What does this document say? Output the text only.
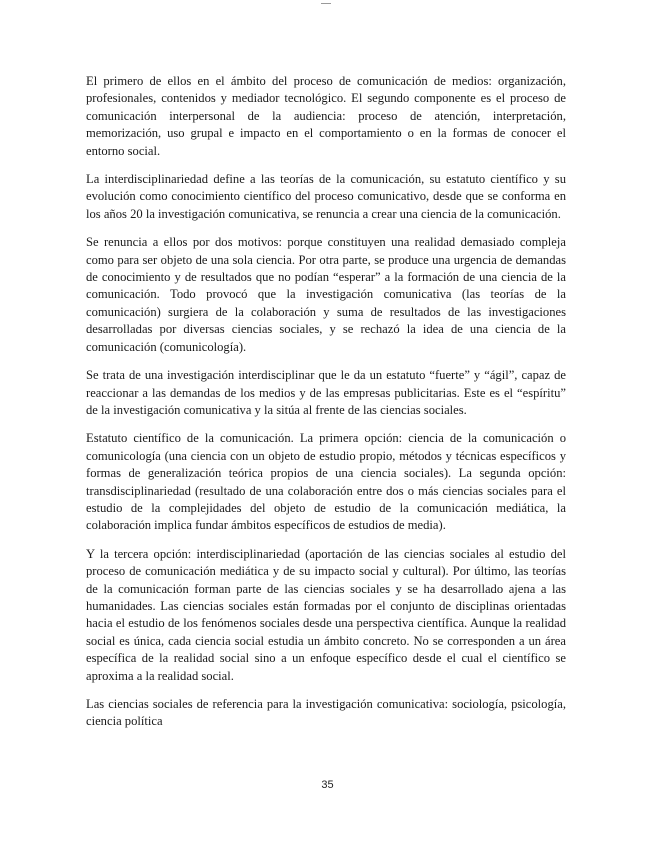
El primero de ellos en el ámbito del proceso de comunicación de medios: organización, profesionales, contenidos y mediador tecnológico. El segundo componente es el proceso de comunicación interpersonal de la audiencia: proceso de atención, interpretación, memorización, uso grupal e impacto en el comportamiento o en la formas de conocer el entorno social.

La interdisciplinariedad define a las teorías de la comunicación, su estatuto científico y su evolución como conocimiento científico del proceso comunicativo, desde que se conforma en los años 20 la investigación comunicativa, se renuncia a crear una ciencia de la comunicación.

Se renuncia a ellos por dos motivos: porque constituyen una realidad demasiado compleja como para ser objeto de una sola ciencia. Por otra parte, se produce una urgencia de demandas de conocimiento y de resultados que no podían “esperar” a la formación de una ciencia de la comunicación. Todo provocó que la investigación comunicativa (las teorías de la comunicación) surgiera de la colaboración y suma de resultados de las investigaciones desarrolladas por diversas ciencias sociales, y se rechazó la idea de una ciencia de la comunicación (comunicología).

Se trata de una investigación interdisciplinar que le da un estatuto “fuerte” y “ágil”, capaz de reaccionar a las demandas de los medios y de las empresas publicitarias. Este es el “espíritu” de la investigación comunicativa y la sitúa al frente de las ciencias sociales.

Estatuto científico de la comunicación. La primera opción: ciencia de la comunicación o comunicología (una ciencia con un objeto de estudio propio, métodos y técnicas específicos y formas de generalización teórica propios de una ciencia sociales). La segunda opción: transdisciplinariedad (resultado de una colaboración entre dos o más ciencias sociales para el estudio de la complejidades del objeto de estudio de la comunicación mediática, la colaboración implica fundar ámbitos específicos de estudios de media).

Y la tercera opción: interdisciplinariedad (aportación de las ciencias sociales al estudio del proceso de comunicación mediática y de su impacto social y cultural). Por último, las teorías de la comunicación forman parte de las ciencias sociales y se ha desarrollado ajena a las humanidades. Las ciencias sociales están formadas por el conjunto de disciplinas orientadas hacia el estudio de los fenómenos sociales desde una perspectiva científica. Aunque la realidad social es única, cada ciencia social estudia un ámbito concreto. No se corresponden a un área específica de la realidad social sino a un enfoque específico desde el cual el científico se aproxima a la realidad social.

Las ciencias sociales de referencia para la investigación comunicativa: sociología, psicología, ciencia política

35
